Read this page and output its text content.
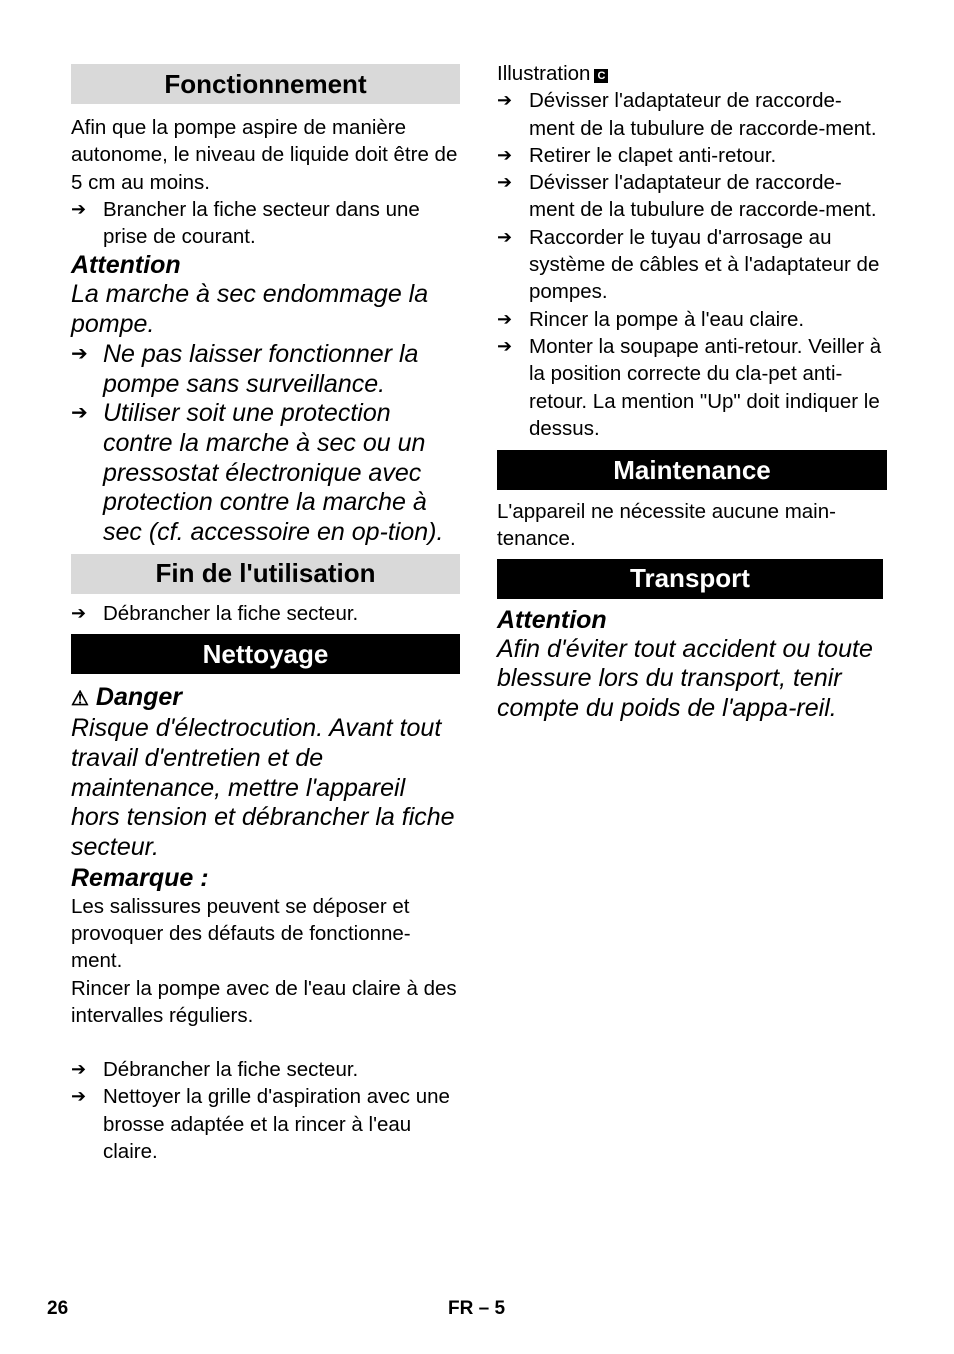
Fonctionnement

Afin que la pompe aspire de manière autonome, le niveau de liquide doit être de 5 cm au moins.

➔ Brancher la fiche secteur dans une prise de courant.
Attention

La marche à sec endommage la pompe.

➔ Ne pas laisser fonctionner la pompe sans surveillance.
➔ Utiliser soit une protection contre la marche à sec ou un pressostat électronique avec protection contre la marche à sec (cf. accessoire en op-tion).
Fin de l'utilisation
➔ Débrancher la fiche secteur.
Nettoyage
⚠ Danger

Risque d'électrocution. Avant tout travail d'entretien et de maintenance, mettre l'appareil hors tension et débrancher la fiche secteur.

Remarque :

Les salissures peuvent se déposer et provoquer des défauts de fonctionne-ment.

Rincer la pompe avec de l'eau claire à des intervalles réguliers.

➔ Débrancher la fiche secteur.
➔ Nettoyer la grille d'aspiration avec une brosse adaptée et la rincer à l'eau claire.
Illustration C
➔ Dévisser l'adaptateur de raccorde-ment de la tubulure de raccorde-ment.
➔ Retirer le clapet anti-retour.
➔ Dévisser l'adaptateur de raccorde-ment de la tubulure de raccorde-ment.
➔ Raccorder le tuyau d'arrosage au système de câbles et à l'adaptateur de pompes.
➔ Rincer la pompe à l'eau claire.
➔ Monter la soupape anti-retour. Veiller à la position correcte du cla-pet anti-retour. La mention "Up" doit indiquer le dessus.
Maintenance

L'appareil ne nécessite aucune main-tenance.

Transport
Attention

Afin d'éviter tout accident ou toute blessure lors du transport, tenir compte du poids de l'appa-reil.

26	FR – 5
